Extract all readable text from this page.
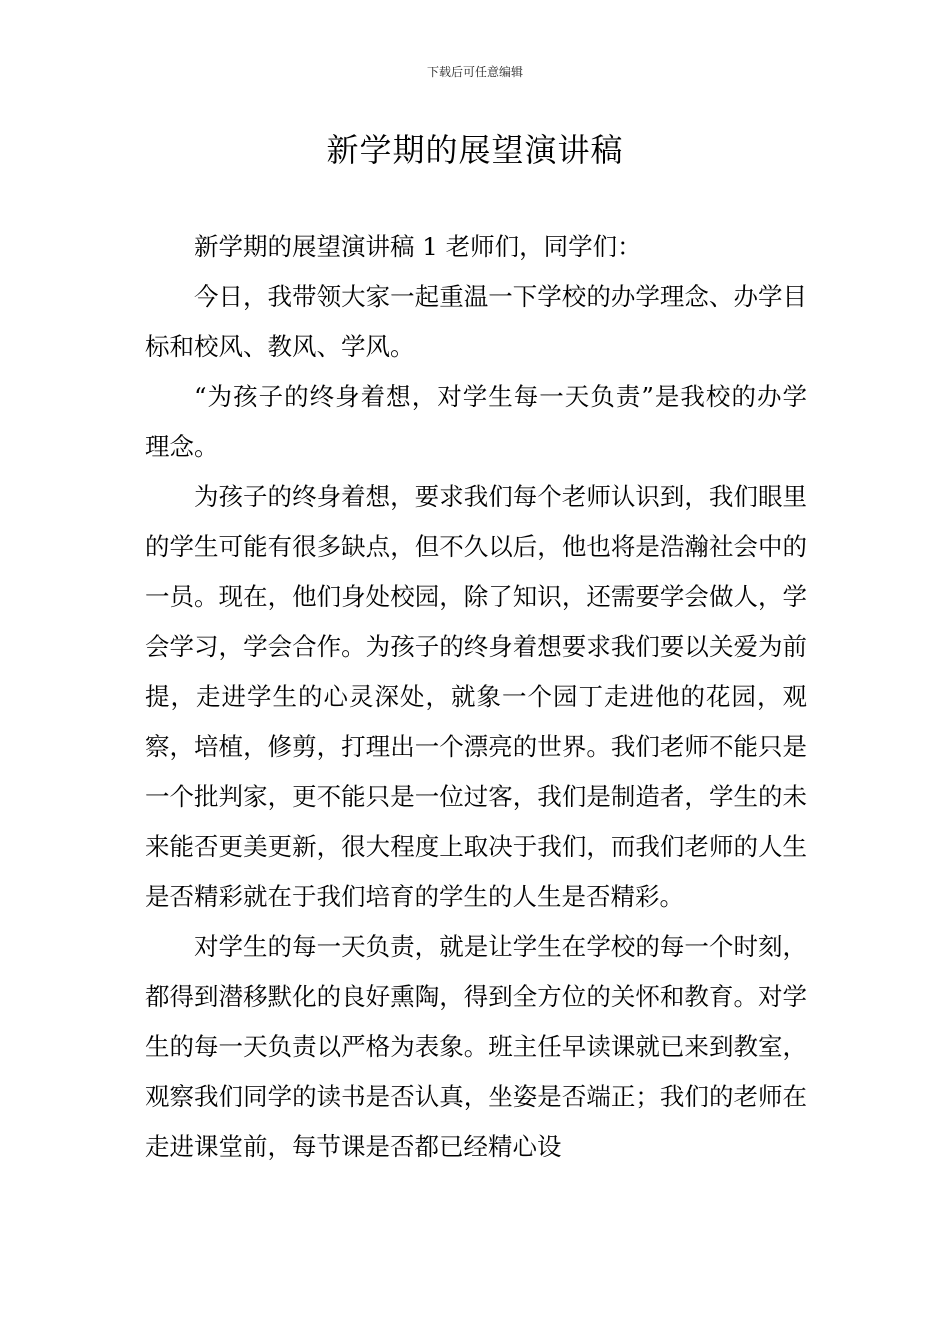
下载后可任意编辑
新学期的展望演讲稿

新学期的展望演讲稿 1 老师们，同学们：

今日，我带领大家一起重温一下学校的办学理念、办学目标和校风、教风、学风。

“为孩子的终身着想，对学生每一天负责”是我校的办学理念。

为孩子的终身着想，要求我们每个老师认识到，我们眼里的学生可能有很多缺点，但不久以后，他也将是浩瀚社会中的一员。现在，他们身处校园，除了知识，还需要学会做人，学会学习，学会合作。为孩子的终身着想要求我们要以关爱为前提，走进学生的心灵深处，就象一个园丁走进他的花园，观察，培植，修剪，打理出一个漂亮的世界。我们老师不能只是一个批判家，更不能只是一位过客，我们是制造者，学生的未来能否更美更新，很大程度上取决于我们，而我们老师的人生是否精彩就在于我们培育的学生的人生是否精彩。

对学生的每一天负责，就是让学生在学校的每一个时刻，都得到潜移默化的良好熏陶，得到全方位的关怀和教育。对学生的每一天负责以严格为表象。班主任早读课就已来到教室，观察我们同学的读书是否认真，坐姿是否端正；我们的老师在走进课堂前，每节课是否都已经精心设
